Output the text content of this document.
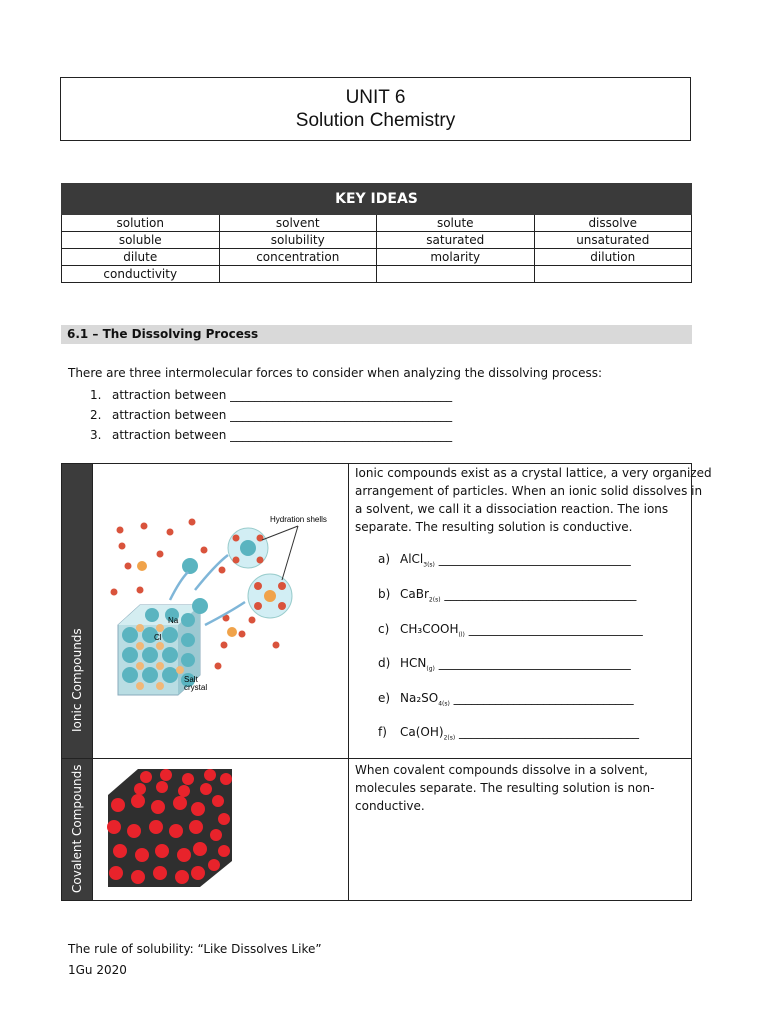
UNIT 6
Solution Chemistry
KEY IDEAS			
solution	solvent	solute	dissolve
soluble	solubility	saturated	unsaturated
dilute	concentration	molarity	dilution
conductivity			
6.1 – The Dissolving Process
There are three intermolecular forces to consider when analyzing the dissolving process:
1. attraction between _____________________________________
2. attraction between _____________________________________
3. attraction between _____________________________________
Ionic Compounds
Covalent Compounds
Hydration shells
Na
Cl
Salt
crystal
Ionic compounds exist as a crystal lattice, a very organized
arrangement of particles. When an ionic solid dissolves in
a solvent, we call it a dissociation reaction. The ions
separate. The resulting solution is conductive.
a) AlCl$_{3(s)}$ ________________________________
b) CaBr$_{2(s)}$ ________________________________
c) $CH_3COOH_{(l)}$ _____________________________
d) $HCN_{(g)}$ ________________________________
e) $Na_2SO_{4(s)}$ ______________________________
f) $Ca(OH)_{2(s)}$ ______________________________
When covalent compounds dissolve in a solvent,
molecules separate. The resulting solution is non-
conductive.
The rule of solubility: “Like Dissolves Like”
1Gu 2020
